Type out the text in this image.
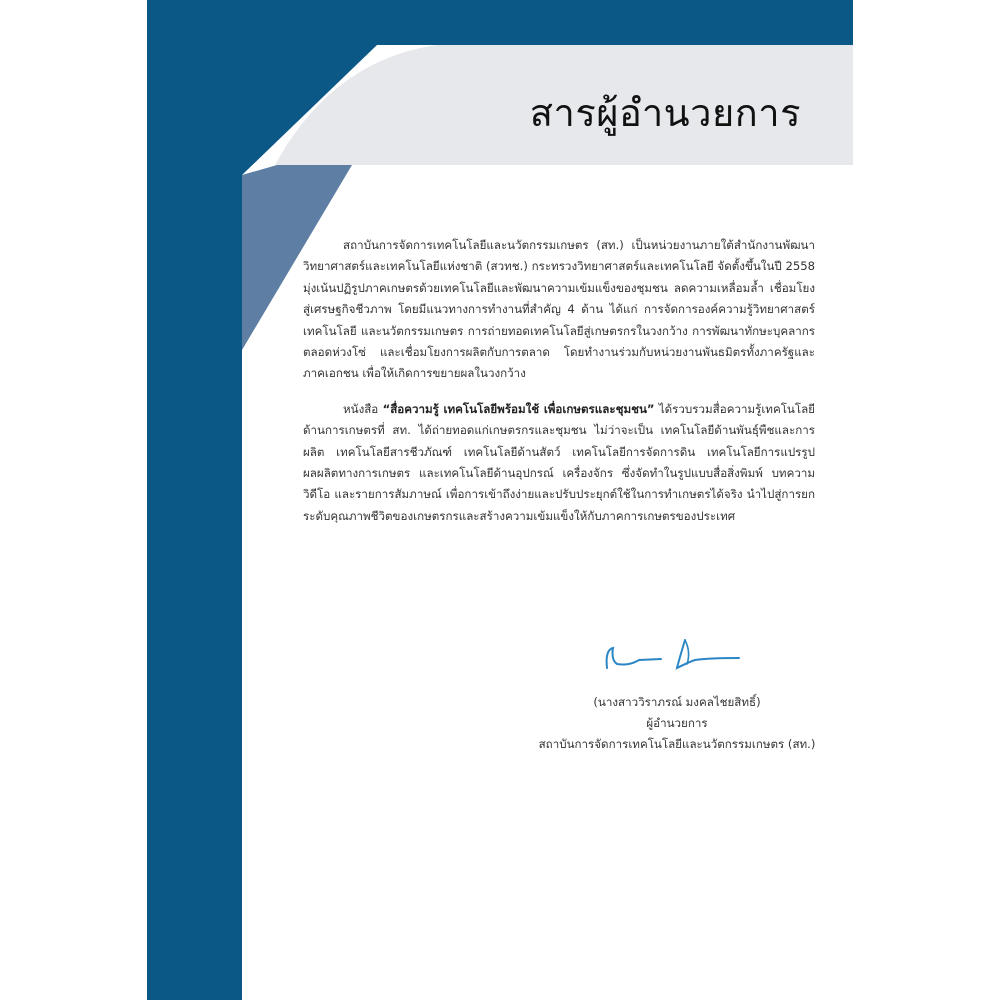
สารผู้อำนวยการ

สถาบันการจัดการเทคโนโลยีและนวัตกรรมเกษตร (สท.) เป็นหน่วยงานภายใต้สำนักงานพัฒนาวิทยาศาสตร์และเทคโนโลยีแห่งชาติ (สวทช.) กระทรวงวิทยาศาสตร์และเทคโนโลยี จัดตั้งขึ้นในปี 2558 มุ่งเน้นปฏิรูปภาคเกษตรด้วยเทคโนโลยีและพัฒนาความเข้มแข็งของชุมชน ลดความเหลื่อมล้ำ เชื่อมโยงสู่เศรษฐกิจชีวภาพ โดยมีแนวทางการทำงานที่สำคัญ 4 ด้าน ได้แก่ การจัดการองค์ความรู้วิทยาศาสตร์ เทคโนโลยี และนวัตกรรมเกษตร การถ่ายทอดเทคโนโลยีสู่เกษตรกรในวงกว้าง การพัฒนาทักษะบุคลากรตลอดห่วงโซ่ และเชื่อมโยงการผลิตกับการตลาด โดยทำงานร่วมกับหน่วยงานพันธมิตรทั้งภาครัฐและภาคเอกชน เพื่อให้เกิดการขยายผลในวงกว้าง

หนังสือ “สื่อความรู้ เทคโนโลยีพร้อมใช้ เพื่อเกษตรและชุมชน” ได้รวบรวมสื่อความรู้เทคโนโลยีด้านการเกษตรที่ สท. ได้ถ่ายทอดแก่เกษตรกรและชุมชน ไม่ว่าจะเป็น เทคโนโลยีด้านพันธุ์พืชและการผลิต เทคโนโลยีสารชีวภัณฑ์ เทคโนโลยีด้านสัตว์ เทคโนโลยีการจัดการดิน เทคโนโลยีการแปรรูปผลผลิตทางการเกษตร และเทคโนโลยีด้านอุปกรณ์ เครื่องจักร ซึ่งจัดทำในรูปแบบสื่อสิ่งพิมพ์ บทความ วิดีโอ และรายการสัมภาษณ์ เพื่อการเข้าถึงง่ายและปรับประยุกต์ใช้ในการทำเกษตรได้จริง นำไปสู่การยกระดับคุณภาพชีวิตของเกษตรกรและสร้างความเข้มแข็งให้กับภาคการเกษตรของประเทศ

(นางสาววิราภรณ์ มงคลไชยสิทธิ์)
ผู้อำนวยการ
สถาบันการจัดการเทคโนโลยีและนวัตกรรมเกษตร (สท.)
